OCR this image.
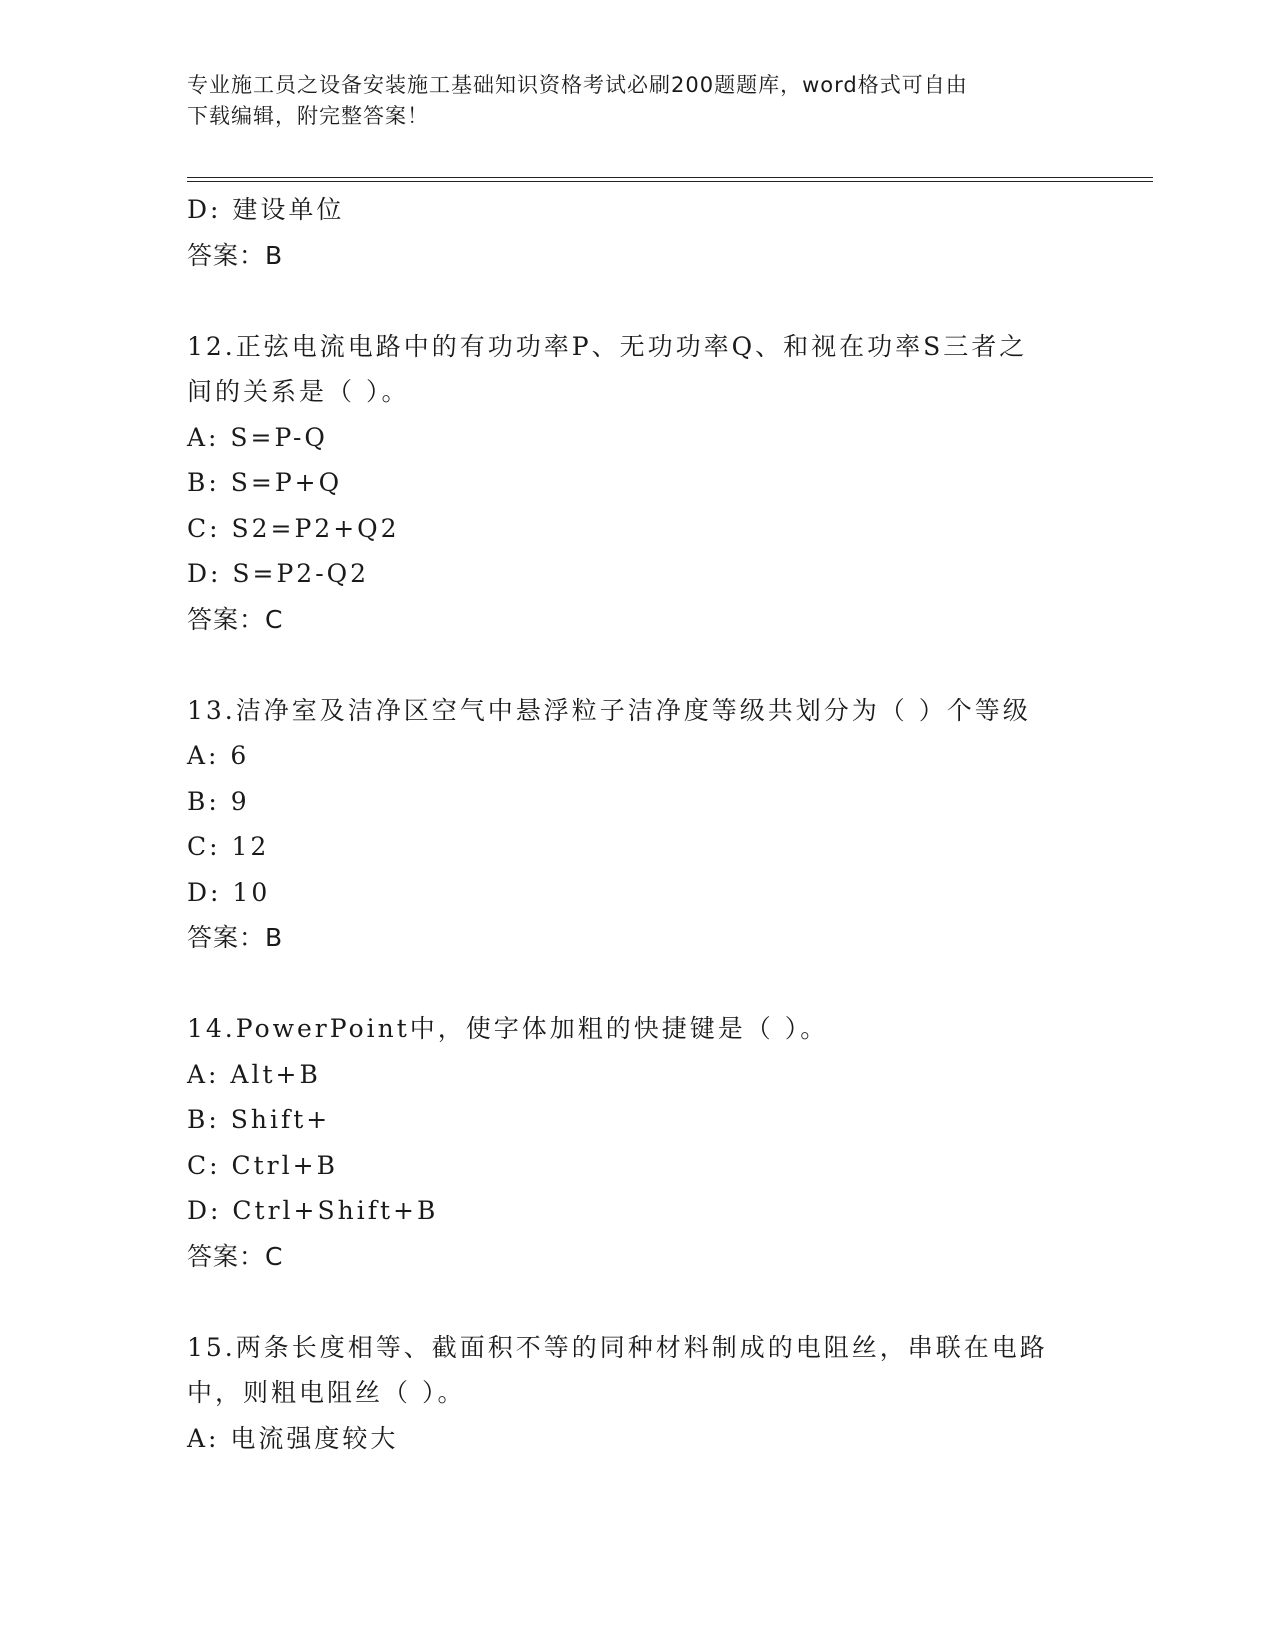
专业施工员之设备安装施工基础知识资格考试必刷200题题库，word格式可自由
下载编辑，附完整答案！
D: 建设单位
答案：B
12.正弦电流电路中的有功功率P、无功功率Q、和视在功率S三者之
间的关系是（ ）。
A: S=P-Q
B: S=P+Q
C: S2=P2+Q2
D: S=P2-Q2
答案：C
13.洁净室及洁净区空气中悬浮粒子洁净度等级共划分为（ ）个等级
A: 6
B: 9
C: 12
D: 10
答案：B
14.PowerPoint中，使字体加粗的快捷键是（ ）。
A: Alt+B
B: Shift+
C: Ctrl+B
D: Ctrl+Shift+B
答案：C
15.两条长度相等、截面积不等的同种材料制成的电阻丝，串联在电路
中，则粗电阻丝（ ）。
A: 电流强度较大
